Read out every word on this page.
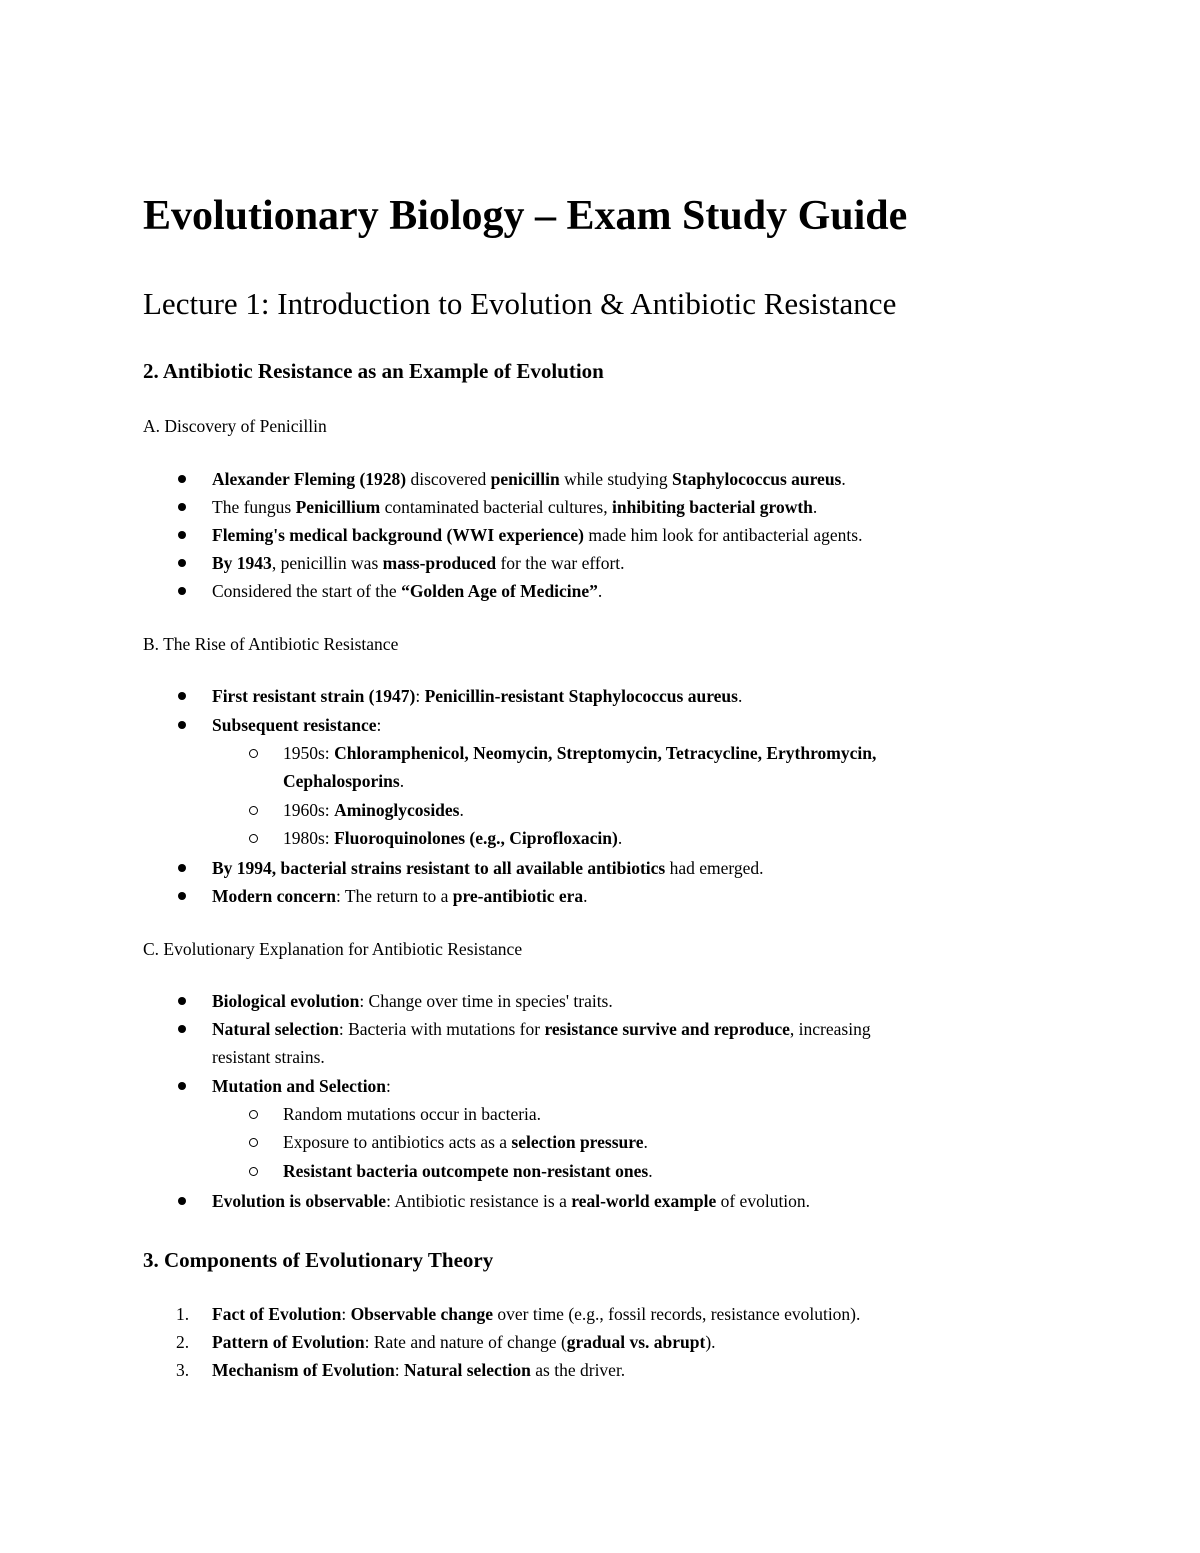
Evolutionary Biology – Exam Study Guide
Lecture 1: Introduction to Evolution & Antibiotic Resistance
2. Antibiotic Resistance as an Example of Evolution
A. Discovery of Penicillin
Alexander Fleming (1928) discovered penicillin while studying Staphylococcus aureus.
The fungus Penicillium contaminated bacterial cultures, inhibiting bacterial growth.
Fleming's medical background (WWI experience) made him look for antibacterial agents.
By 1943, penicillin was mass-produced for the war effort.
Considered the start of the “Golden Age of Medicine”.
B. The Rise of Antibiotic Resistance
First resistant strain (1947): Penicillin-resistant Staphylococcus aureus.
Subsequent resistance:
1950s: Chloramphenicol, Neomycin, Streptomycin, Tetracycline, Erythromycin,
Cephalosporins.
1960s: Aminoglycosides.
1980s: Fluoroquinolones (e.g., Ciprofloxacin).
By 1994, bacterial strains resistant to all available antibiotics had emerged.
Modern concern: The return to a pre-antibiotic era.
C. Evolutionary Explanation for Antibiotic Resistance
Biological evolution: Change over time in species' traits.
Natural selection: Bacteria with mutations for resistance survive and reproduce, increasing
resistant strains.
Mutation and Selection:
Random mutations occur in bacteria.
Exposure to antibiotics acts as a selection pressure.
Resistant bacteria outcompete non-resistant ones.
Evolution is observable: Antibiotic resistance is a real-world example of evolution.
3. Components of Evolutionary Theory
1. Fact of Evolution: Observable change over time (e.g., fossil records, resistance evolution).
2. Pattern of Evolution: Rate and nature of change (gradual vs. abrupt).
3. Mechanism of Evolution: Natural selection as the driver.
